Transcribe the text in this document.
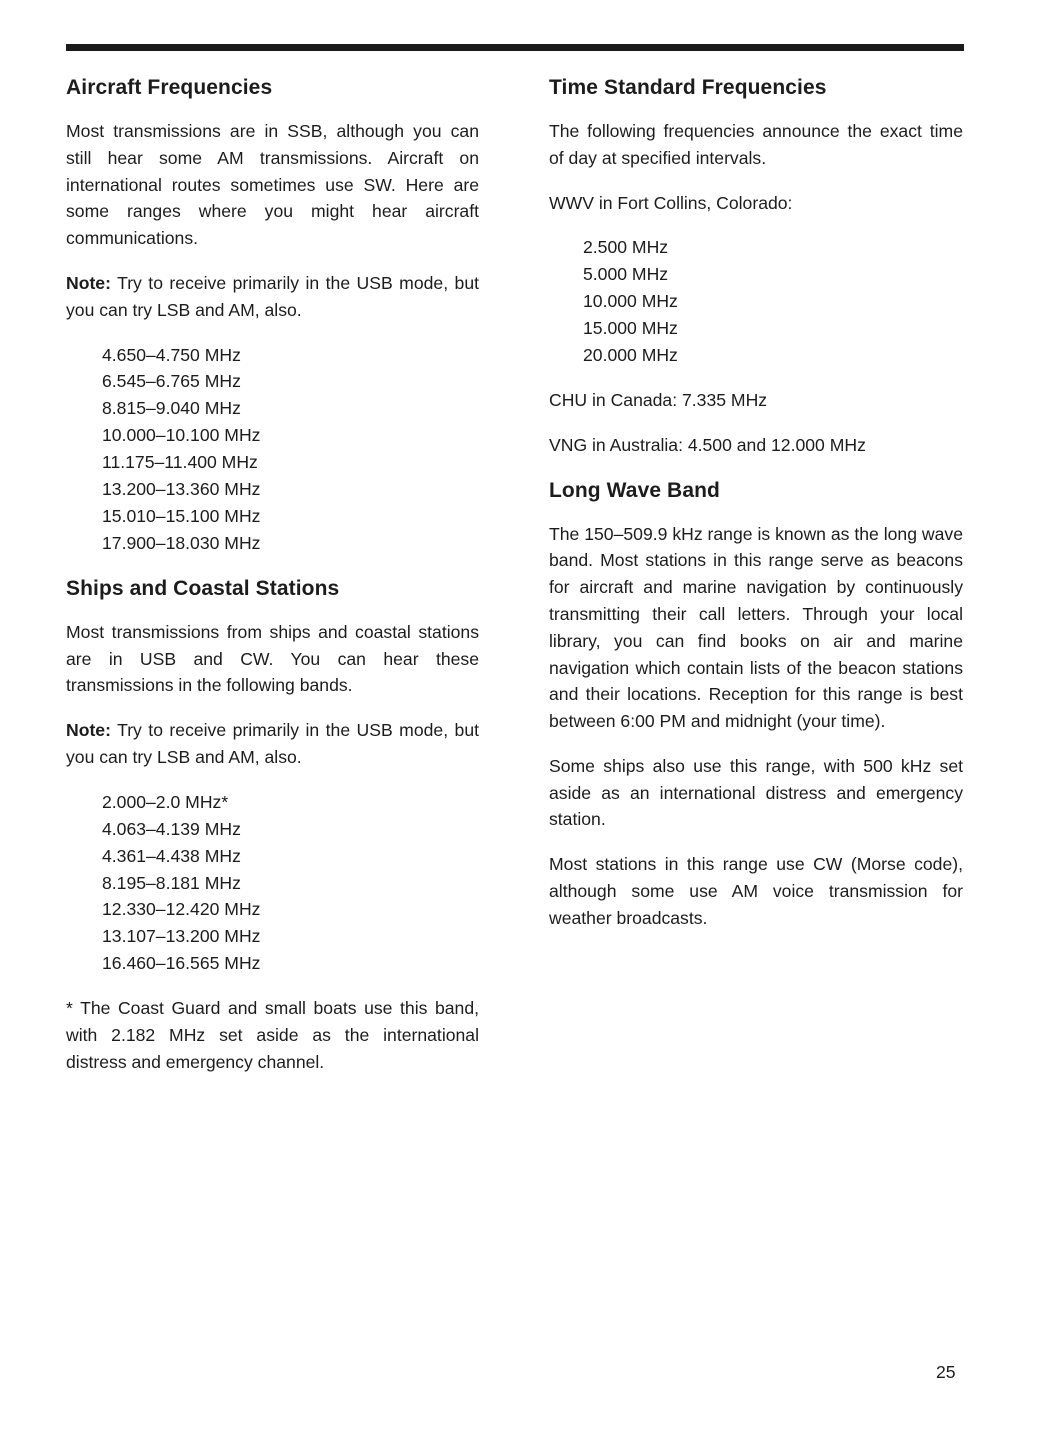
Aircraft Frequencies

Most transmissions are in SSB, although you can still hear some AM transmissions. Aircraft on international routes sometimes use SW. Here are some ranges where you might hear aircraft communications.

Note: Try to receive primarily in the USB mode, but you can try LSB and AM, also.

4.650–4.750 MHz
6.545–6.765 MHz
8.815–9.040 MHz
10.000–10.100 MHz
11.175–11.400 MHz
13.200–13.360 MHz
15.010–15.100 MHz
17.900–18.030 MHz
Ships and Coastal Stations

Most transmissions from ships and coastal stations are in USB and CW. You can hear these transmissions in the following bands.

Note: Try to receive primarily in the USB mode, but you can try LSB and AM, also.

2.000–2.0 MHz*
4.063–4.139 MHz
4.361–4.438 MHz
8.195–8.181 MHz
12.330–12.420 MHz
13.107–13.200 MHz
16.460–16.565 MHz

* The Coast Guard and small boats use this band, with 2.182 MHz set aside as the international distress and emergency channel.

Time Standard Frequencies

The following frequencies announce the exact time of day at specified intervals.

WWV in Fort Collins, Colorado:

2.500 MHz
5.000 MHz
10.000 MHz
15.000 MHz
20.000 MHz

CHU in Canada: 7.335 MHz

VNG in Australia: 4.500 and 12.000 MHz

Long Wave Band

The 150–509.9 kHz range is known as the long wave band. Most stations in this range serve as beacons for aircraft and marine navigation by continuously transmitting their call letters. Through your local library, you can find books on air and marine navigation which contain lists of the beacon stations and their locations. Reception for this range is best between 6:00 PM and midnight (your time).

Some ships also use this range, with 500 kHz set aside as an international distress and emergency station.

Most stations in this range use CW (Morse code), although some use AM voice transmission for weather broadcasts.

25
